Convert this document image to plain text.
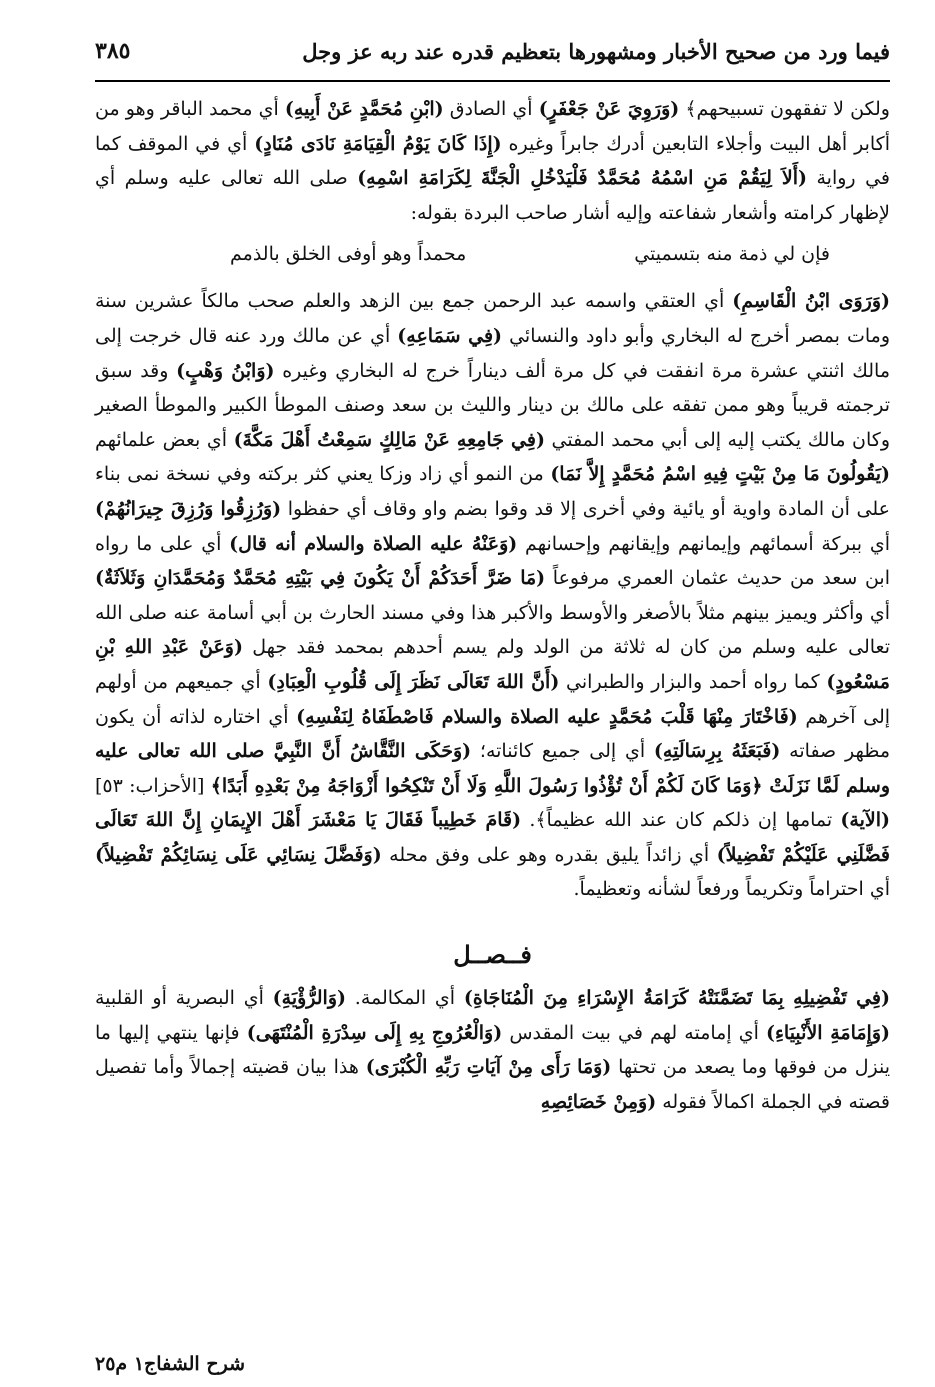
فيما ورد من صحيح الأخبار ومشهورها بتعظيم قدره عند ربه عز وجل
٣٨٥

ولكن لا تفقهون تسبيحهم﴾ (وَرَوِيَ عَنْ جَعْفَرٍ) أي الصادق (ابْنِ مُحَمَّدٍ عَنْ أَبِيهِ) أي محمد الباقر وهو من أكابر أهل البيت وأجلاء التابعين أدرك جابراً وغيره (إِذَا كَانَ يَوْمُ الْقِيَامَةِ نَادَى مُنَادٍ) أي في الموقف كما في رواية (أَلاَ لِيَقُمْ مَنِ اسْمُهُ مُحَمَّدٌ فَلْيَدْخُلِ الْجَنَّةَ لِكَرَامَةِ اسْمِهِ) صلى الله تعالى عليه وسلم أي لإظهار كرامته وأشعار شفاعته وإليه أشار صاحب البردة بقوله:

فإن لي ذمة منه بتسميتي
محمداً وهو أوفى الخلق بالذمم

(وَرَوَى ابْنُ الْقَاسِمِ) أي العتقي واسمه عبد الرحمن جمع بين الزهد والعلم صحب مالكاً عشرين سنة ومات بمصر أخرج له البخاري وأبو داود والنسائي (فِي سَمَاعِهِ) أي عن مالك ورد عنه قال خرجت إلى مالك اثنتي عشرة مرة انفقت في كل مرة ألف ديناراً خرج له البخاري وغيره (وَابْنُ وَهْبٍ) وقد سبق ترجمته قريباً وهو ممن تفقه على مالك بن دينار والليث بن سعد وصنف الموطأ الكبير والموطأ الصغير وكان مالك يكتب إليه إلى أبي محمد المفتي (فِي جَامِعِهِ عَنْ مَالِكٍ سَمِعْتُ أَهْلَ مَكَّةَ) أي بعض علمائهم (يَقُولُونَ مَا مِنْ بَيْتٍ فِيهِ اسْمُ مُحَمَّدٍ إِلاَّ نَمَا) من النمو أي زاد وزكا يعني كثر بركته وفي نسخة نمى بناء على أن المادة واوية أو يائية وفي أخرى إلا قد وقوا بضم واو وقاف أي حفظوا (وَرُزِقُوا وَرُزِقَ جِيرَانُهُمْ) أي ببركة أسمائهم وإيمانهم وإيقانهم وإحسانهم (وَعَنْهُ عليه الصلاة والسلام أنه قال) أي على ما رواه ابن سعد من حديث عثمان العمري مرفوعاً (مَا ضَرَّ أَحَدَكُمْ أَنْ يَكُونَ فِي بَيْتِهِ مُحَمَّدٌ وَمُحَمَّدَانِ وَثَلاَثَةٌ) أي وأكثر ويميز بينهم مثلاً بالأصغر والأوسط والأكبر هذا وفي مسند الحارث بن أبي أسامة عنه صلى الله تعالى عليه وسلم من كان له ثلاثة من الولد ولم يسم أحدهم بمحمد فقد جهل (وَعَنْ عَبْدِ اللهِ بْنِ مَسْعُودٍ) كما رواه أحمد والبزار والطبراني (أَنَّ اللهَ تَعَالَى نَظَرَ إِلَى قُلُوبِ الْعِبَادِ) أي جميعهم من أولهم إلى آخرهم (فَاخْتَارَ مِنْهَا قَلْبَ مُحَمَّدٍ عليه الصلاة والسلام فَاصْطَفَاهُ لِنَفْسِهِ) أي اختاره لذاته أن يكون مظهر صفاته (فَبَعَثَهُ بِرِسَالَتِهِ) أي إلى جميع كائناته؛ (وَحَكَى النَّقَّاشُ أَنَّ النَّبِيَّ صلى الله تعالى عليه وسلم لَمَّا نَزَلَتْ ﴿وَمَا كَانَ لَكُمْ أَنْ تُؤْذُوا رَسُولَ اللَّهِ وَلَا أَنْ تَنْكِحُوا أَزْوَاجَهُ مِنْ بَعْدِهِ أَبَدًا﴾ [الأحزاب: ٥٣] (الآية) تمامها إن ذلكم كان عند الله عظيماً﴾. (قَامَ خَطِيباً فَقَالَ يَا مَعْشَرَ أَهْلَ الإِيمَانِ إِنَّ اللهَ تَعَالَى فَضَّلَنِي عَلَيْكُمْ تَفْضِيلاً) أي زائداً يليق بقدره وهو على وفق محله (وَفَضَّلَ نِسَائِي عَلَى نِسَائِكُمْ تَفْضِيلاً) أي احتراماً وتكريماً ورفعاً لشأنه وتعظيماً.

فــصــل

(فِي تَفْضِيلِهِ بِمَا تَضَمَّنَتْهُ كَرَامَةُ الإِسْرَاءِ مِنَ الْمُنَاجَاةِ) أي المكالمة. (وَالرُّؤْيَةِ) أي البصرية أو القلبية (وَإِمَامَةِ الأَنْبِيَاءِ) أي إمامته لهم في بيت المقدس (وَالْعُرُوجِ بِهِ إِلَى سِدْرَةِ الْمُنْتَهَى) فإنها ينتهي إليها ما ينزل من فوقها وما يصعد من تحتها (وَمَا رَأَى مِنْ آيَاتِ رَبِّهِ الْكُبْرَى) هذا بيان قضيته إجمالاً وأما تفصيل قصته في الجملة اكمالاً فقوله (وَمِنْ خَصَائِصِهِ

شرح الشفاج١ م٢٥
